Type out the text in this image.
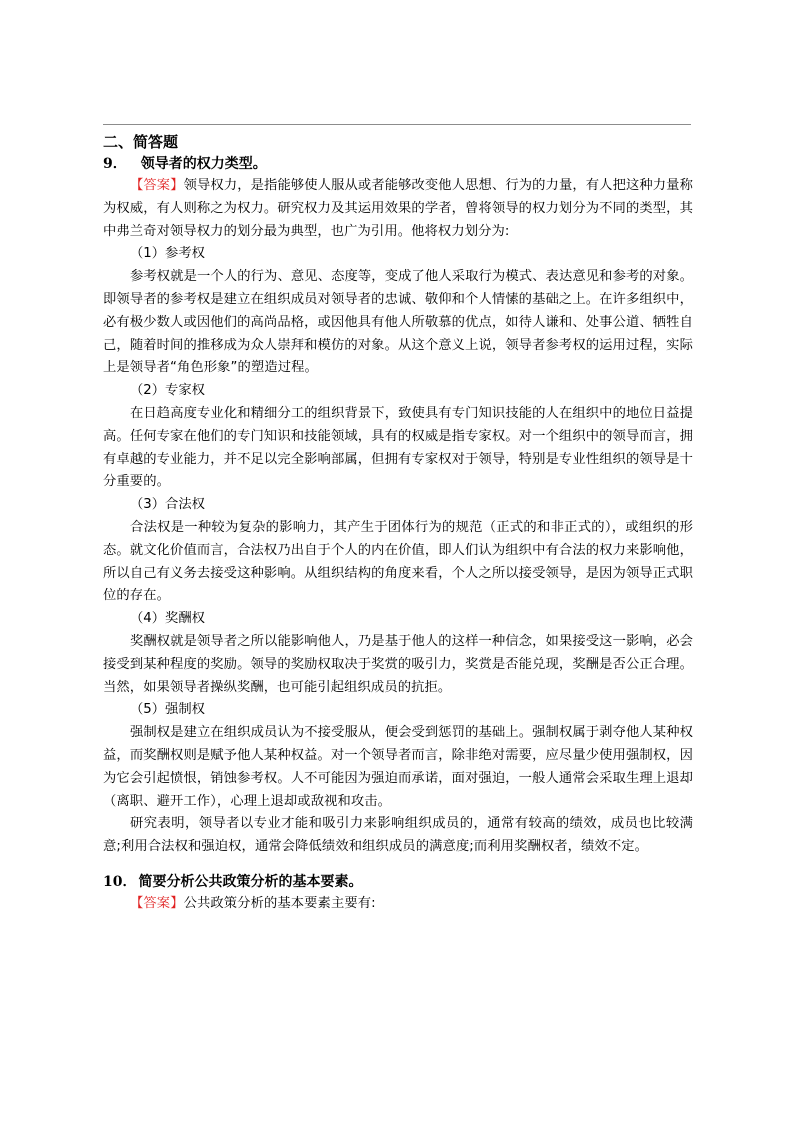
二、简答题

9． 领导者的权力类型。

【答案】领导权力，是指能够使人服从或者能够改变他人思想、行为的力量，有人把这种力量称为权威，有人则称之为权力。研究权力及其运用效果的学者，曾将领导的权力划分为不同的类型，其中弗兰奇对领导权力的划分最为典型，也广为引用。他将权力划分为:

（1）参考权

参考权就是一个人的行为、意见、态度等，变成了他人采取行为模式、表达意见和参考的对象。即领导者的参考权是建立在组织成员对领导者的忠诚、敬仰和个人情愫的基础之上。在许多组织中，必有极少数人或因他们的高尚品格，或因他具有他人所敬慕的优点，如待人谦和、处事公道、牺牲自己，随着时间的推移成为众人崇拜和模仿的对象。从这个意义上说，领导者参考权的运用过程，实际上是领导者“角色形象”的塑造过程。

（2）专家权

在日趋高度专业化和精细分工的组织背景下，致使具有专门知识技能的人在组织中的地位日益提高。任何专家在他们的专门知识和技能领域，具有的权威是指专家权。对一个组织中的领导而言，拥有卓越的专业能力，并不足以完全影响部属，但拥有专家权对于领导，特别是专业性组织的领导是十分重要的。

（3）合法权

合法权是一种较为复杂的影响力，其产生于团体行为的规范（正式的和非正式的），或组织的形态。就文化价值而言，合法权乃出自于个人的内在价值，即人们认为组织中有合法的权力来影响他，所以自己有义务去接受这种影响。从组织结构的角度来看，个人之所以接受领导，是因为领导正式职位的存在。

（4）奖酬权

奖酬权就是领导者之所以能影响他人，乃是基于他人的这样一种信念，如果接受这一影响，必会接受到某种程度的奖励。领导的奖励权取决于奖赏的吸引力，奖赏是否能兑现，奖酬是否公正合理。当然，如果领导者操纵奖酬，也可能引起组织成员的抗拒。

（5）强制权

强制权是建立在组织成员认为不接受服从，便会受到惩罚的基础上。强制权属于剥夺他人某种权益，而奖酬权则是赋予他人某种权益。对一个领导者而言，除非绝对需要，应尽量少使用强制权，因为它会引起愤恨，销蚀参考权。人不可能因为强迫而承诺，面对强迫，一般人通常会采取生理上退却（离职、避开工作），心理上退却或敌视和攻击。

研究表明，领导者以专业才能和吸引力来影响组织成员的，通常有较高的绩效，成员也比较满意;利用合法权和强迫权，通常会降低绩效和组织成员的满意度;而利用奖酬权者，绩效不定。

10． 简要分析公共政策分析的基本要素。

【答案】公共政策分析的基本要素主要有:
